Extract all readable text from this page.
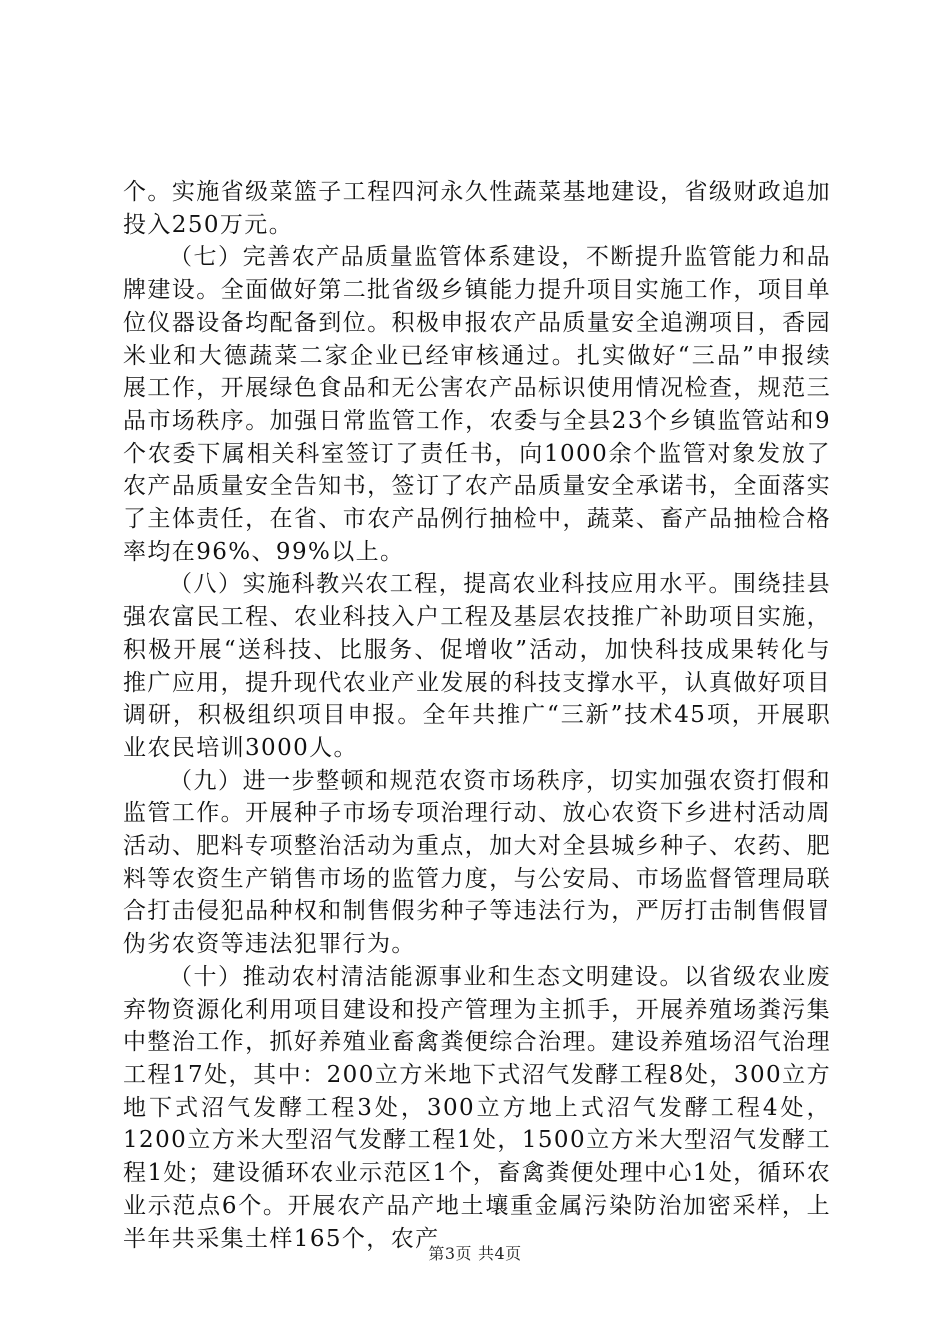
个。实施省级菜篮子工程四河永久性蔬菜基地建设，省级财政追加投入250万元。

（七）完善农产品质量监管体系建设，不断提升监管能力和品牌建设。全面做好第二批省级乡镇能力提升项目实施工作，项目单位仪器设备均配备到位。积极申报农产品质量安全追溯项目，香园米业和大德蔬菜二家企业已经审核通过。扎实做好“三品”申报续展工作，开展绿色食品和无公害农产品标识使用情况检查，规范三品市场秩序。加强日常监管工作，农委与全县23个乡镇监管站和9个农委下属相关科室签订了责任书，向1000余个监管对象发放了农产品质量安全告知书，签订了农产品质量安全承诺书，全面落实了主体责任，在省、市农产品例行抽检中，蔬菜、畜产品抽检合格率均在96%、99%以上。

（八）实施科教兴农工程，提高农业科技应用水平。围绕挂县强农富民工程、农业科技入户工程及基层农技推广补助项目实施，积极开展“送科技、比服务、促增收”活动，加快科技成果转化与推广应用，提升现代农业产业发展的科技支撑水平，认真做好项目调研，积极组织项目申报。全年共推广“三新”技术45项，开展职业农民培训3000人。

（九）进一步整顿和规范农资市场秩序，切实加强农资打假和监管工作。开展种子市场专项治理行动、放心农资下乡进村活动周活动、肥料专项整治活动为重点，加大对全县城乡种子、农药、肥料等农资生产销售市场的监管力度，与公安局、市场监督管理局联合打击侵犯品种权和制售假劣种子等违法行为，严厉打击制售假冒伪劣农资等违法犯罪行为。

（十）推动农村清洁能源事业和生态文明建设。以省级农业废弃物资源化利用项目建设和投产管理为主抓手，开展养殖场粪污集中整治工作，抓好养殖业畜禽粪便综合治理。建设养殖场沼气治理工程17处，其中：200立方米地下式沼气发酵工程8处，300立方地下式沼气发酵工程3处，300立方地上式沼气发酵工程4处，1200立方米大型沼气发酵工程1处，1500立方米大型沼气发酵工程1处；建设循环农业示范区1个，畜禽粪便处理中心1处，循环农业示范点6个。开展农产品产地土壤重金属污染防治加密采样，上半年共采集土样165个，农产

第3页 共4页
